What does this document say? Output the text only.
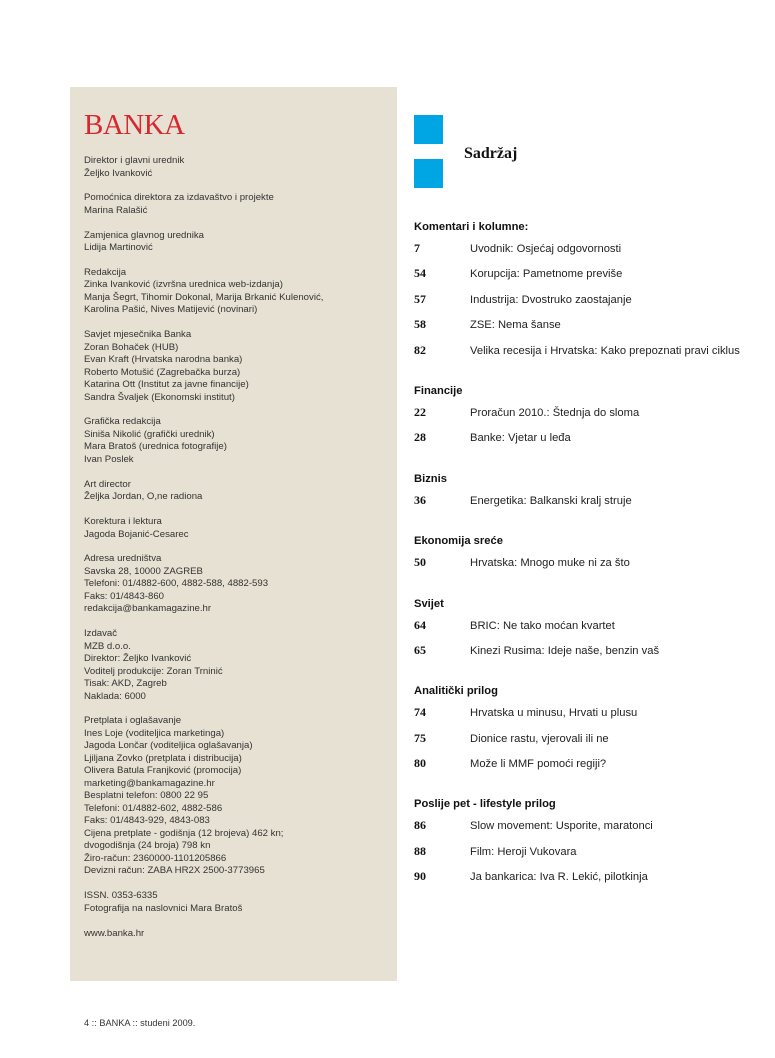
BANKA
Direktor i glavni urednik
Željko Ivanković
Pomoćnica direktora za izdavaštvo i projekte
Marina Ralašić
Zamjenica glavnog urednika
Lidija Martinović
Redakcija
Zinka Ivanković (izvršna urednica web-izdanja)
Manja Šegrt, Tihomir Dokonal, Marija Brkanić Kulenović,
Karolina Pašić, Nives Matijević (novinari)
Savjet mjesečnika Banka
Zoran Bohaček (HUB)
Evan Kraft (Hrvatska narodna banka)
Roberto Motušić (Zagrebačka burza)
Katarina Ott (Institut za javne financije)
Sandra Švaljek (Ekonomski institut)
Grafička redakcija
Siniša Nikolić (grafički urednik)
Mara Bratoš (urednica fotografije)
Ivan Poslek
Art director
Željka Jordan, O,ne radiona
Korektura i lektura
Jagoda Bojanić-Cesarec
Adresa uredništva
Savska 28, 10000 ZAGREB
Telefoni: 01/4882-600, 4882-588, 4882-593
Faks: 01/4843-860
redakcija@bankamagazine.hr
Izdavač
MZB d.o.o.
Direktor: Željko Ivanković
Voditelj produkcije: Zoran Trninić
Tisak: AKD, Zagreb
Naklada: 6000
Pretplata i oglašavanje
Ines Loje (voditeljica marketinga)
Jagoda Lončar (voditeljica oglašavanja)
Ljiljana Zovko (pretplata i distribucija)
Olivera Batula Franjković (promocija)
marketing@bankamagazine.hr
Besplatni telefon: 0800 22 95
Telefoni: 01/4882-602, 4882-586
Faks: 01/4843-929, 4843-083
Cijena pretplate - godišnja (12 brojeva) 462 kn;
dvogodišnja (24 broja) 798 kn
Žiro-račun: 2360000-1101205866
Devizni račun: ZABA HR2X 2500-3773965
ISSN. 0353-6335
Fotografija na naslovnici Mara Bratoš
www.banka.hr
Sadržaj
Komentari i kolumne:
7	Uvodnik: Osjećaj odgovornosti
54	Korupcija: Pametnome previše
57	Industrija: Dvostruko zaostajanje
58	ZSE: Nema šanse
82	Velika recesija i Hrvatska: Kako prepoznati pravi ciklus
Financije
22	Proračun 2010.: Štednja do sloma
28	Banke: Vjetar u leđa
Biznis
36	Energetika: Balkanski kralj struje
Ekonomija sreće
50	Hrvatska: Mnogo muke ni za što
Svijet
64	BRIC: Ne tako moćan kvartet
65	Kinezi Rusima: Ideje naše, benzin vaš
Analitički prilog
74	Hrvatska u minusu, Hrvati u plusu
75	Dionice rastu, vjerovali ili ne
80	Može li MMF pomoći regiji?
Poslije pet - lifestyle prilog
86	Slow movement: Usporite, maratonci
88	Film: Heroji Vukovara
90	Ja bankarica: Iva R. Lekić, pilotkinja
4 :: BANKA :: studeni 2009.
